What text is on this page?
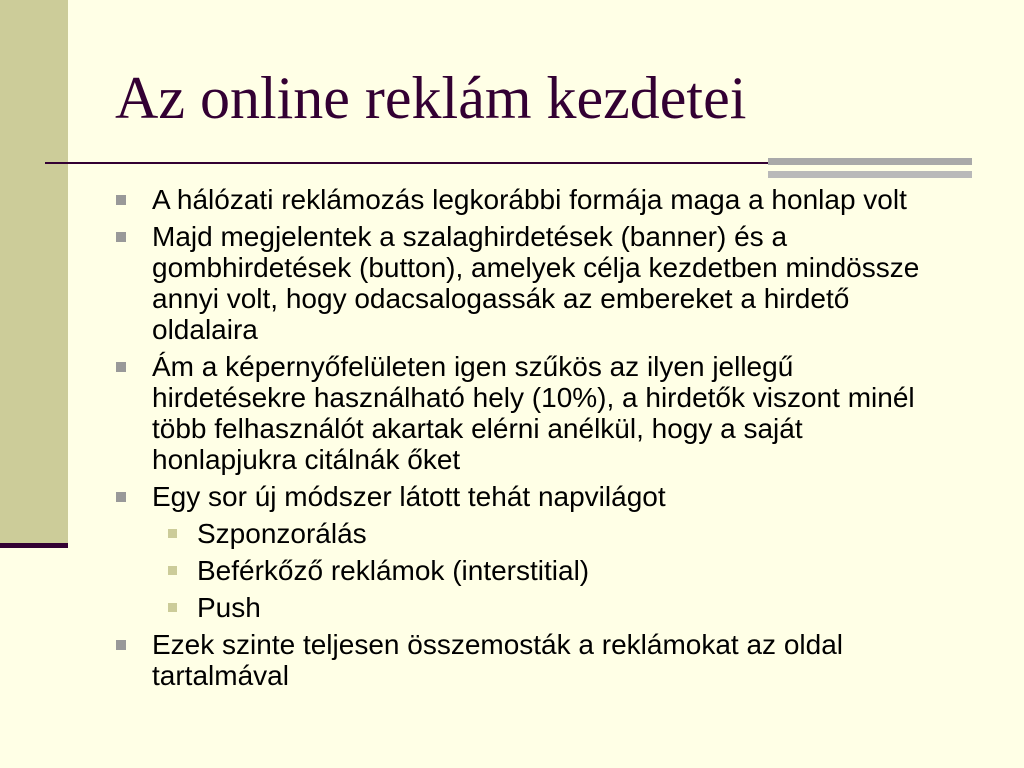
Az online reklám kezdetei
A hálózati reklámozás legkorábbi formája maga a honlap volt
Majd megjelentek a szalaghirdetések (banner) és a
gombhirdetések (button), amelyek célja kezdetben mindössze
annyi volt, hogy odacsalogassák az embereket a hirdető
oldalaira
Ám a képernyőfelületen igen szűkös az ilyen jellegű
hirdetésekre használható hely (10%), a hirdetők viszont minél
több felhasználót akartak elérni anélkül, hogy a saját
honlapjukra citálnák őket
Egy sor új módszer látott tehát napvilágot
Szponzorálás
Beférkőző reklámok (interstitial)
Push
Ezek szinte teljesen összemosták a reklámokat az oldal
tartalmával
